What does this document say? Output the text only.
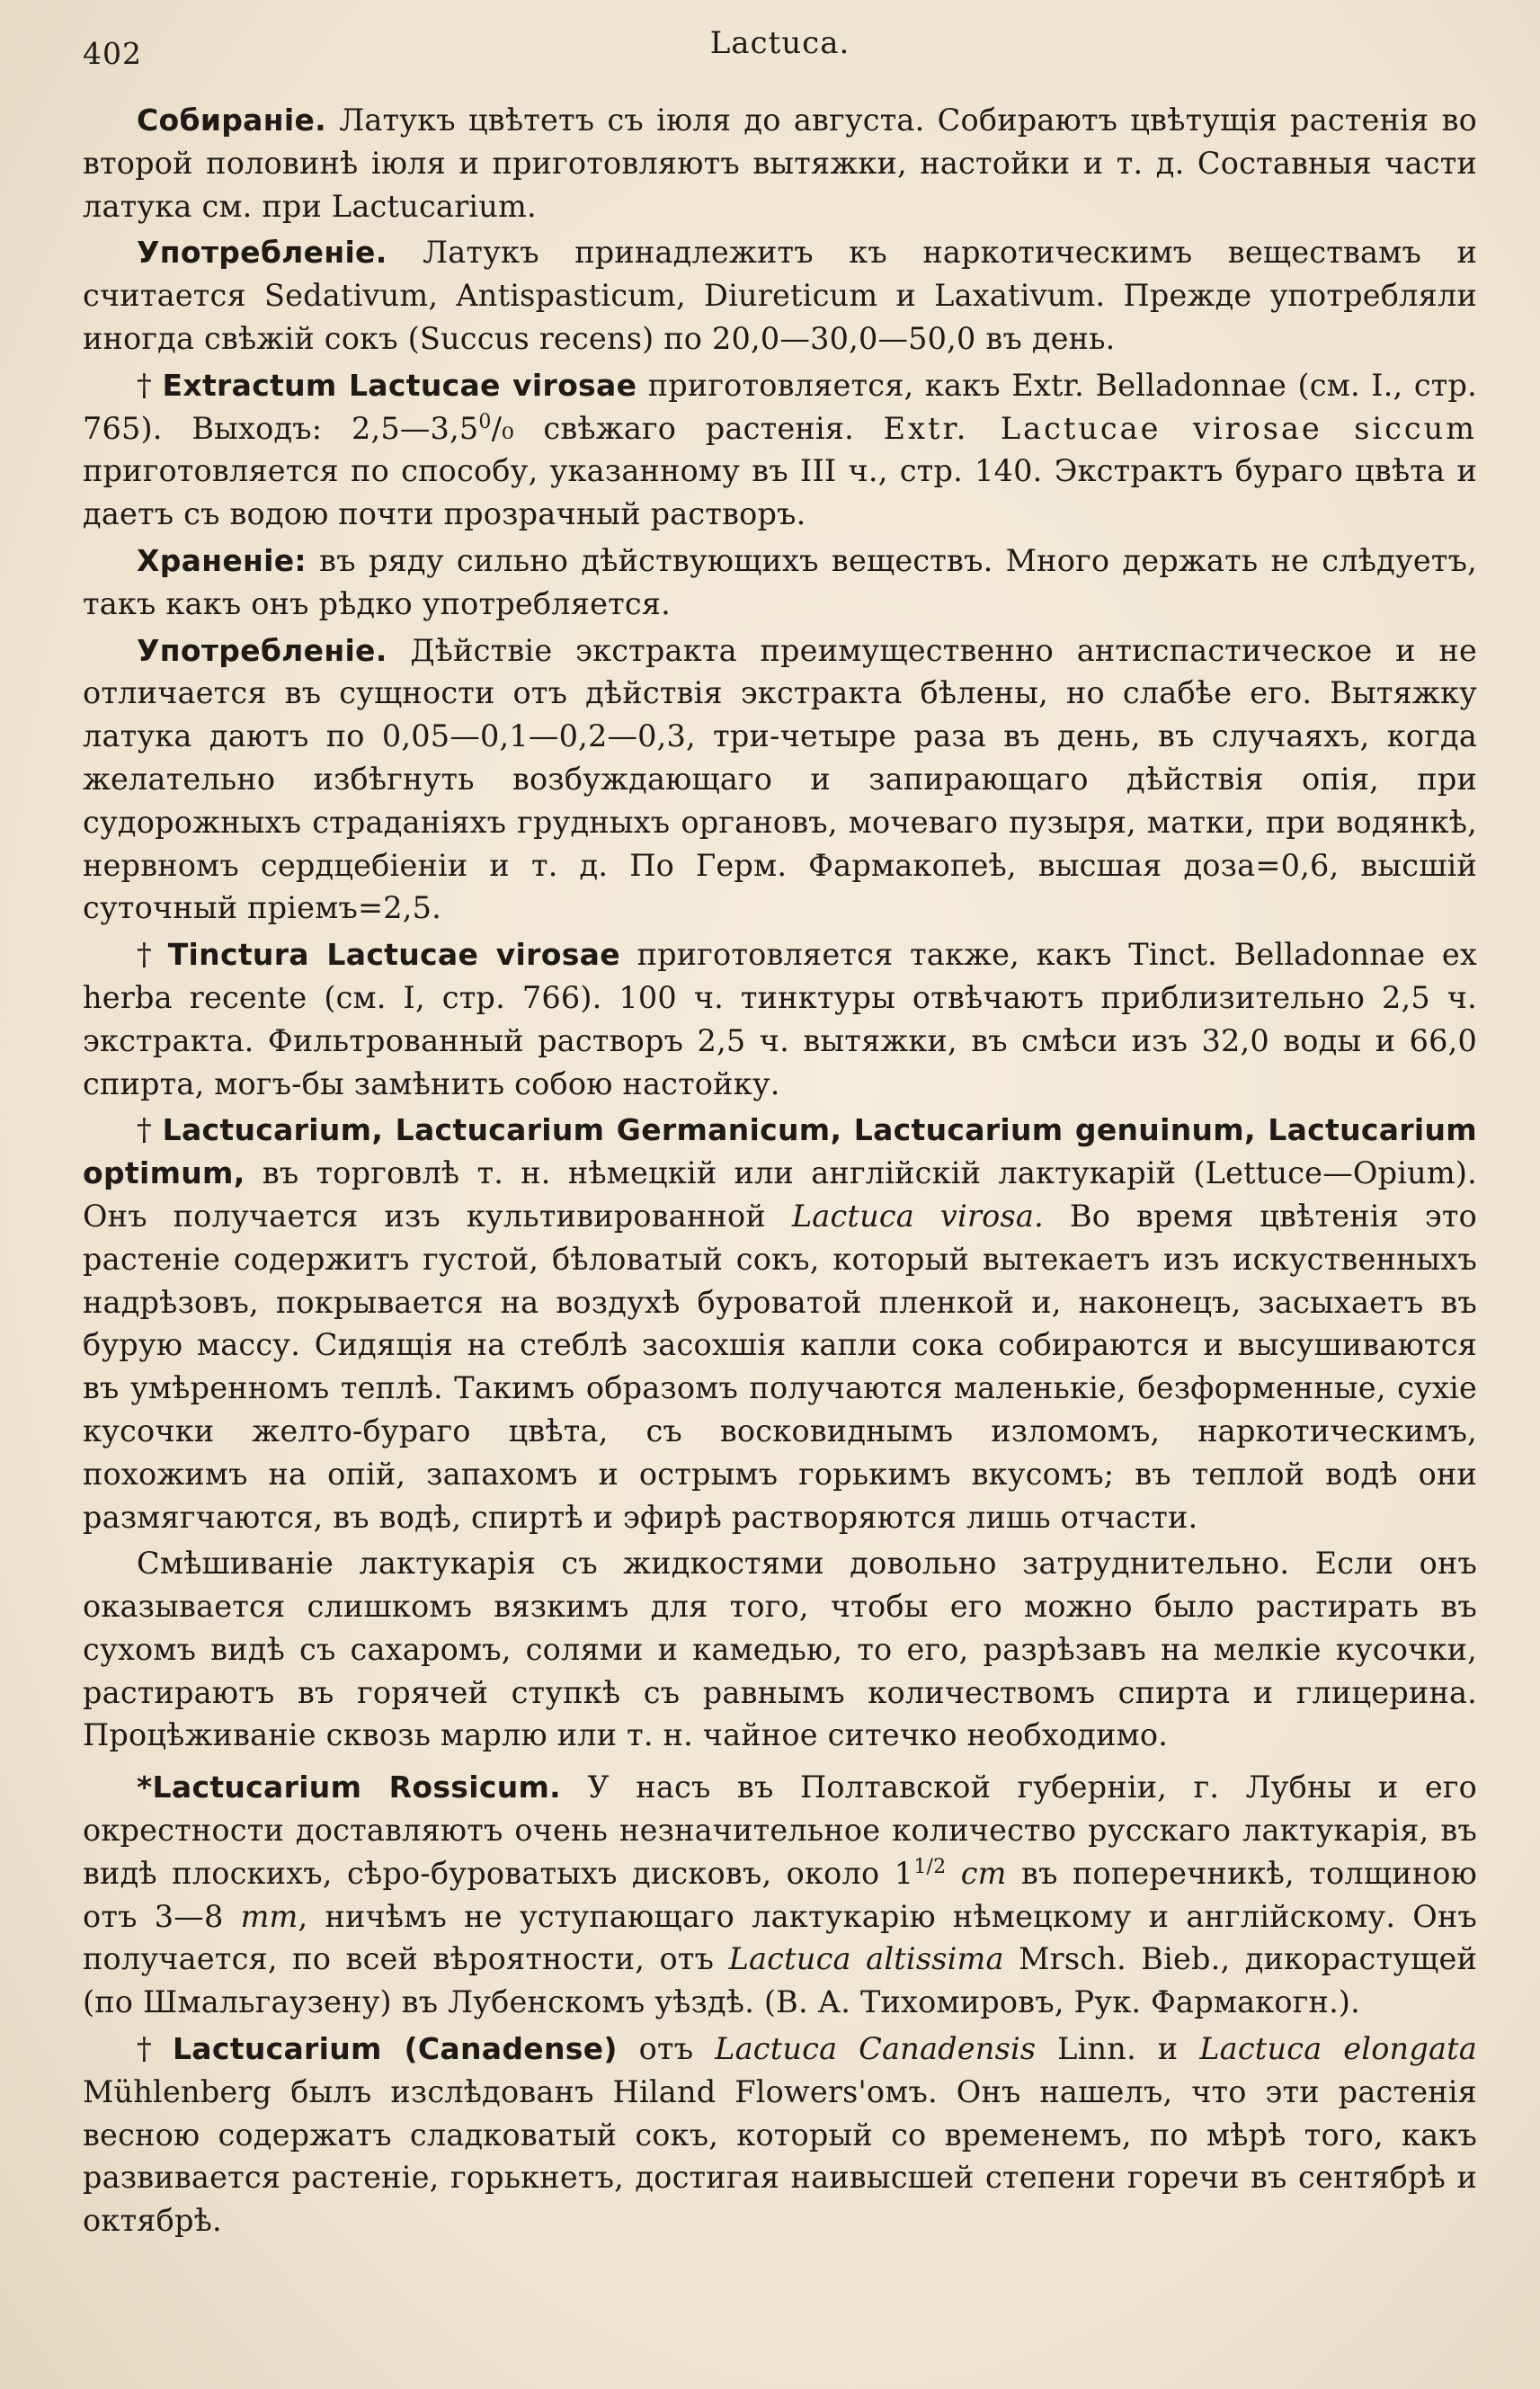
402	Lactuca.

Собираніе. Латукъ цвѣтетъ съ іюля до августа. Собираютъ цвѣтущія растенія во второй половинѣ іюля и приготовляютъ вытяжки, настойки и т. д. Составныя части латука см. при Lactucarium.

Употребленіе. Латукъ принадлежитъ къ наркотическимъ веществамъ и считается Sedativum, Antispasticum, Diureticum и Laxativum. Прежде употребляли иногда свѣжій сокъ (Succus recens) по 20,0—30,0—50,0 въ день.

† Extractum Lactucae virosae приготовляется, какъ Extr. Belladonnae (см. I., стр. 765). Выходъ: $2,5—3,5^0/_0$ свѣжаго растенія. Extr. Lactucae virosae siccum приготовляется по способу, указанному въ III ч., стр. 140. Экстрактъ бураго цвѣта и даетъ съ водою почти прозрачный растворъ.

Храненіе: въ ряду сильно дѣйствующихъ веществъ. Много держать не слѣдуетъ, такъ какъ онъ рѣдко употребляется.

Употребленіе. Дѣйствіе экстракта преимущественно антиспастическое и не отличается въ сущности отъ дѣйствія экстракта бѣлены, но слабѣе его. Вытяжку латука даютъ по 0,05—0,1—0,2—0,3, три-четыре раза въ день, въ случаяхъ, когда желательно избѣгнуть возбуждающаго и запирающаго дѣйствія опія, при судорожныхъ страданіяхъ грудныхъ органовъ, мочеваго пузыря, матки, при водянкѣ, нервномъ сердцебіеніи и т. д. По Герм. Фармакопеѣ, высшая доза=0,6, высшій суточный пріемъ=2,5.

† Tinctura Lactucae virosae приготовляется также, какъ Tinct. Belladonnae ex herba recente (см. I, стр. 766). 100 ч. тинктуры отвѣчаютъ приблизительно 2,5 ч. экстракта. Фильтрованный растворъ 2,5 ч. вытяжки, въ смѣси изъ 32,0 воды и 66,0 спирта, могъ-бы замѣнить собою настойку.

† Lactucarium, Lactucarium Germanicum, Lactucarium genuinum, Lactucarium optimum, въ торговлѣ т. н. нѣмецкій или англійскій лактукарій (Lettuce—Opium). Онъ получается изъ культивированной Lactuca virosa. Во время цвѣтенія это растеніе содержитъ густой, бѣловатый сокъ, который вытекаетъ изъ искуственныхъ надрѣзовъ, покрывается на воздухѣ буроватой пленкой и, наконецъ, засыхаетъ въ бурую массу. Сидящія на стеблѣ засохшія капли сока собираются и высушиваются въ умѣренномъ теплѣ. Такимъ образомъ получаются маленькіе, безформенные, сухіе кусочки желто-бураго цвѣта, съ восковиднымъ изломомъ, наркотическимъ, похожимъ на опій, запахомъ и острымъ горькимъ вкусомъ; въ теплой водѣ они размягчаются, въ водѣ, спиртѣ и эфирѣ растворяются лишь отчасти.

Смѣшиваніе лактукарія съ жидкостями довольно затруднительно. Если онъ оказывается слишкомъ вязкимъ для того, чтобы его можно было растирать въ сухомъ видѣ съ сахаромъ, солями и камедью, то его, разрѣзавъ на мелкіе кусочки, растираютъ въ горячей ступкѣ съ равнымъ количествомъ спирта и глицерина. Процѣживаніе сквозь марлю или т. н. чайное ситечко необходимо.

*Lactucarium Rossicum. У насъ въ Полтавской губерніи, г. Лубны и его окрестности доставляютъ очень незначительное количество русскаго лактукарія, въ видѣ плоскихъ, сѣро-буроватыхъ дисковъ, около $1^{1/2}$ cm въ поперечникѣ, толщиною отъ 3—8 mm, ничѣмъ не уступающаго лактукарію нѣмецкому и англійскому. Онъ получается, по всей вѣроятности, отъ Lactuca altissima Mrsch. Bieb., дикорастущей (по Шмальгаузену) въ Лубенскомъ уѣздѣ. (В. А. Тихомировъ, Рук. Фармакогн.).

† Lactucarium (Canadense) отъ Lactuca Canadensis Linn. и Lactuca elongata Mühlenberg былъ изслѣдованъ Hiland Flowers'омъ. Онъ нашелъ, что эти растенія весною содержатъ сладковатый сокъ, который со временемъ, по мѣрѣ того, какъ развивается растеніе, горькнетъ, достигая наивысшей степени горечи въ сентябрѣ и октябрѣ.
